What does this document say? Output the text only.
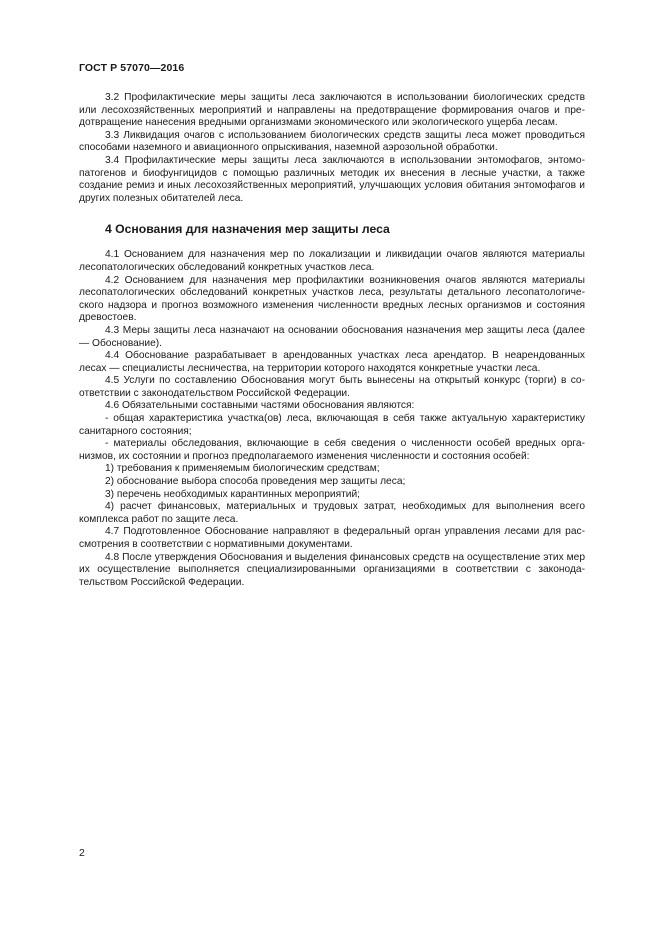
ГОСТ Р 57070—2016

3.2 Профилактические меры защиты леса заключаются в использовании биологических средств или лесохозяйственных мероприятий и направлены на предотвращение формирования очагов и предотвращение нанесения вредными организмами экономического или экологического ущерба лесам.

3.3 Ликвидация очагов с использованием биологических средств защиты леса может проводиться способами наземного и авиационного опрыскивания, наземной аэрозольной обработки.

3.4 Профилактические меры защиты леса заключаются в использовании энтомофагов, энтомопатогенов и биофунгицидов с помощью различных методик их внесения в лесные участки, а также создание ремиз и иных лесохозяйственных мероприятий, улучшающих условия обитания энтомофагов и других полезных обитателей леса.

4 Основания для назначения мер защиты леса

4.1 Основанием для назначения мер по локализации и ликвидации очагов являются материалы лесопатологических обследований конкретных участков леса.

4.2 Основанием для назначения мер профилактики возникновения очагов являются материалы лесопатологических обследований конкретных участков леса, результаты детального лесопатологического надзора и прогноз возможного изменения численности вредных лесных организмов и состояния древостоев.

4.3 Меры защиты леса назначают на основании обоснования назначения мер защиты леса (далее — Обоснование).

4.4 Обоснование разрабатывает в арендованных участках леса арендатор. В неарендованных лесах — специалисты лесничества, на территории которого находятся конкретные участки леса.

4.5 Услуги по составлению Обоснования могут быть вынесены на открытый конкурс (торги) в соответствии с законодательством Российской Федерации.

4.6 Обязательными составными частями обоснования являются:

- общая характеристика участка(ов) леса, включающая в себя также актуальную характеристику санитарного состояния;

- материалы обследования, включающие в себя сведения о численности особей вредных организмов, их состоянии и прогноз предполагаемого изменения численности и состояния особей:

1) требования к применяемым биологическим средствам;

2) обоснование выбора способа проведения мер защиты леса;

3) перечень необходимых карантинных мероприятий;

4) расчет финансовых, материальных и трудовых затрат, необходимых для выполнения всего комплекса работ по защите леса.

4.7 Подготовленное Обоснование направляют в федеральный орган управления лесами для рассмотрения в соответствии с нормативными документами.

4.8 После утверждения Обоснования и выделения финансовых средств на осуществление этих мер их осуществление выполняется специализированными организациями в соответствии с законодательством Российской Федерации.

2
